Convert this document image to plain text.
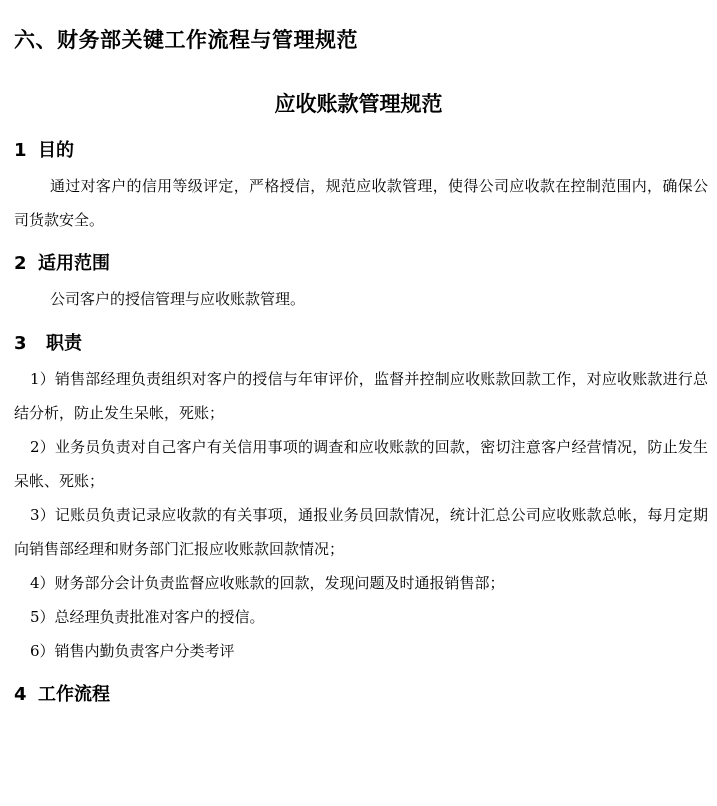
六、财务部关键工作流程与管理规范
应收账款管理规范
1 目的
通过对客户的信用等级评定，严格授信，规范应收款管理，使得公司应收款在控制范围内，确保公司货款安全。
2 适用范围
公司客户的授信管理与应收账款管理。
3 职责
1）销售部经理负责组织对客户的授信与年审评价，监督并控制应收账款回款工作，对应收账款进行总结分析，防止发生呆帐，死账；
2）业务员负责对自己客户有关信用事项的调查和应收账款的回款，密切注意客户经营情况，防止发生呆帐、死账；
3）记账员负责记录应收款的有关事项，通报业务员回款情况，统计汇总公司应收账款总帐，每月定期向销售部经理和财务部门汇报应收账款回款情况；
4）财务部分会计负责监督应收账款的回款，发现问题及时通报销售部；
5）总经理负责批准对客户的授信。
6）销售内勤负责客户分类考评
4 工作流程
